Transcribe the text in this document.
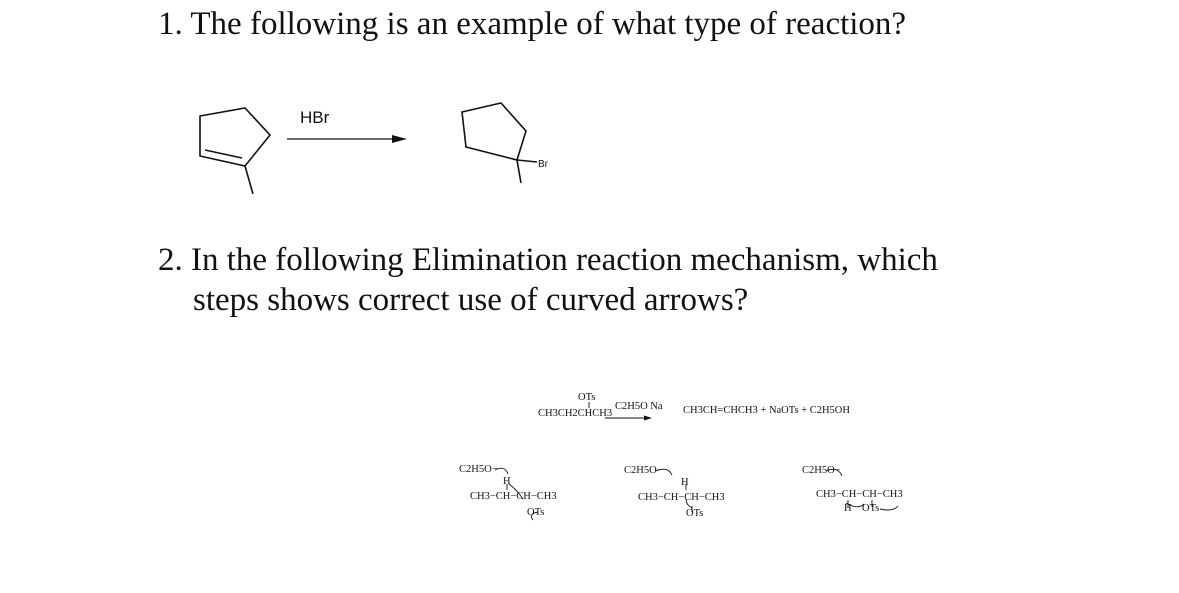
1. The following is an example of what type of reaction?
2. In the following Elimination reaction mechanism, which
steps shows correct use of curved arrows?
HBr
Br
OTs
CH3CH2CHCH3
C2H5O Na CH3CH=CHCH3 + NaOTs + C2H5OH
C2H5O−
H
CH3−CH−CH−CH3
OTs
C2H5O−
H
CH3−CH−CH−CH3
OTs
C2H5O−
CH3−CH−CH−CH3
H OTs
